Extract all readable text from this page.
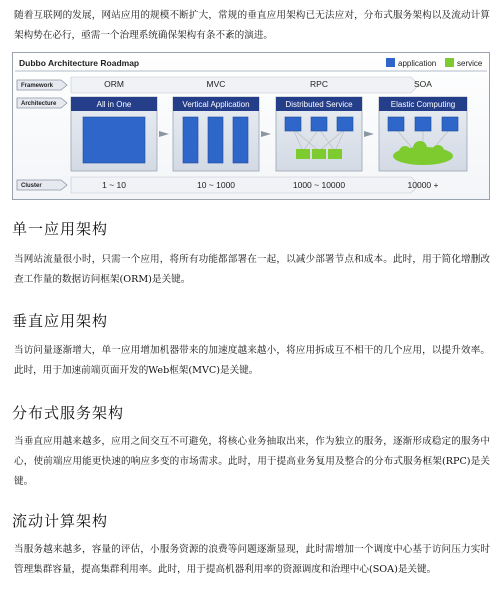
随着互联网的发展，网站应用的规模不断扩大，常规的垂直应用架构已无法应对，分布式服务架构以及流动计算架构势在必行，亟需一个治理系统确保架构有条不紊的演进。

Dubbo Architecture Roadmap	application	service
Framework
Architecture
Cluster
ORM	MVC	RPC	SOA
All in One	Vertical Application	Distributed Service	Elastic Computing
1 ~ 10	10 ~ 1000	1000 ~ 10000	10000 +
单一应用架构

当网站流量很小时，只需一个应用，将所有功能都部署在一起，以减少部署节点和成本。此时，用于简化增删改查工作量的数据访问框架(ORM)是关键。

垂直应用架构

当访问量逐渐增大，单一应用增加机器带来的加速度越来越小，将应用拆成互不相干的几个应用，以提升效率。此时，用于加速前端页面开发的Web框架(MVC)是关键。

分布式服务架构

当垂直应用越来越多，应用之间交互不可避免，将核心业务抽取出来，作为独立的服务，逐渐形成稳定的服务中心，使前端应用能更快速的响应多变的市场需求。此时，用于提高业务复用及整合的分布式服务框架(RPC)是关键。

流动计算架构

当服务越来越多，容量的评估，小服务资源的浪费等问题逐渐显现，此时需增加一个调度中心基于访问压力实时管理集群容量，提高集群利用率。此时，用于提高机器利用率的资源调度和治理中心(SOA)是关键。
